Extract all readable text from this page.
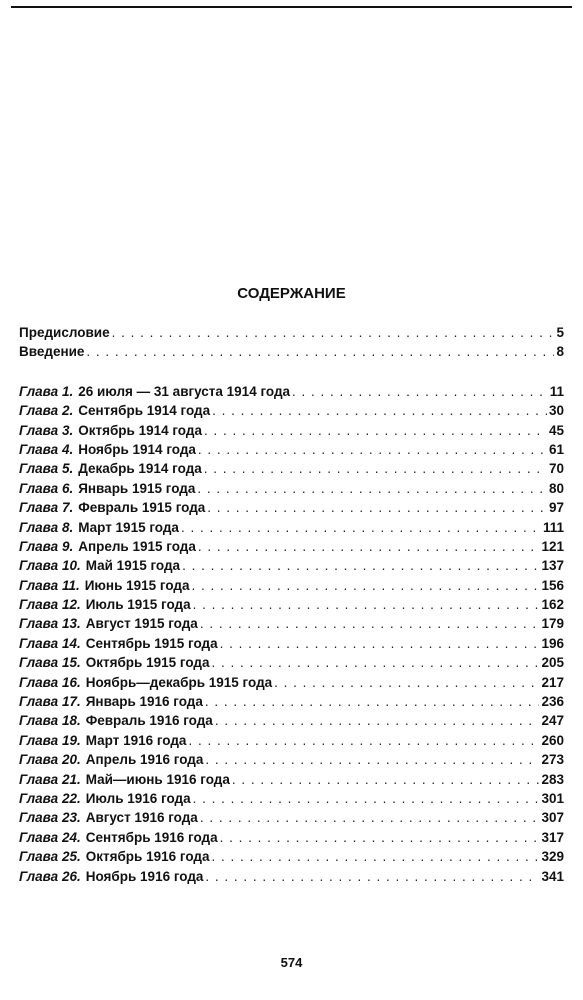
СОДЕРЖАНИЕ
Предисловие . . .	5
Введение . . .	8
Глава 1. 26 июля — 31 августа 1914 года . . .	11
Глава 2. Сентябрь 1914 года . . .	30
Глава 3. Октябрь 1914 года . . .	45
Глава 4. Ноябрь 1914 года . . .	61
Глава 5. Декабрь 1914 года . . .	70
Глава 6. Январь 1915 года . . .	80
Глава 7. Февраль 1915 года . . .	97
Глава 8. Март 1915 года . . .	111
Глава 9. Апрель 1915 года . . .	121
Глава 10. Май 1915 года . . .	137
Глава 11. Июнь 1915 года . . .	156
Глава 12. Июль 1915 года . . .	162
Глава 13. Август 1915 года . . .	179
Глава 14. Сентябрь 1915 года . . .	196
Глава 15. Октябрь 1915 года . . .	205
Глава 16. Ноябрь—декабрь 1915 года . . .	217
Глава 17. Январь 1916 года . . .	236
Глава 18. Февраль 1916 года . . .	247
Глава 19. Март 1916 года . . .	260
Глава 20. Апрель 1916 года . . .	273
Глава 21. Май—июнь 1916 года . . .	283
Глава 22. Июль 1916 года . . .	301
Глава 23. Август 1916 года . . .	307
Глава 24. Сентябрь 1916 года . . .	317
Глава 25. Октябрь 1916 года . . .	329
Глава 26. Ноябрь 1916 года . . .	341
574
